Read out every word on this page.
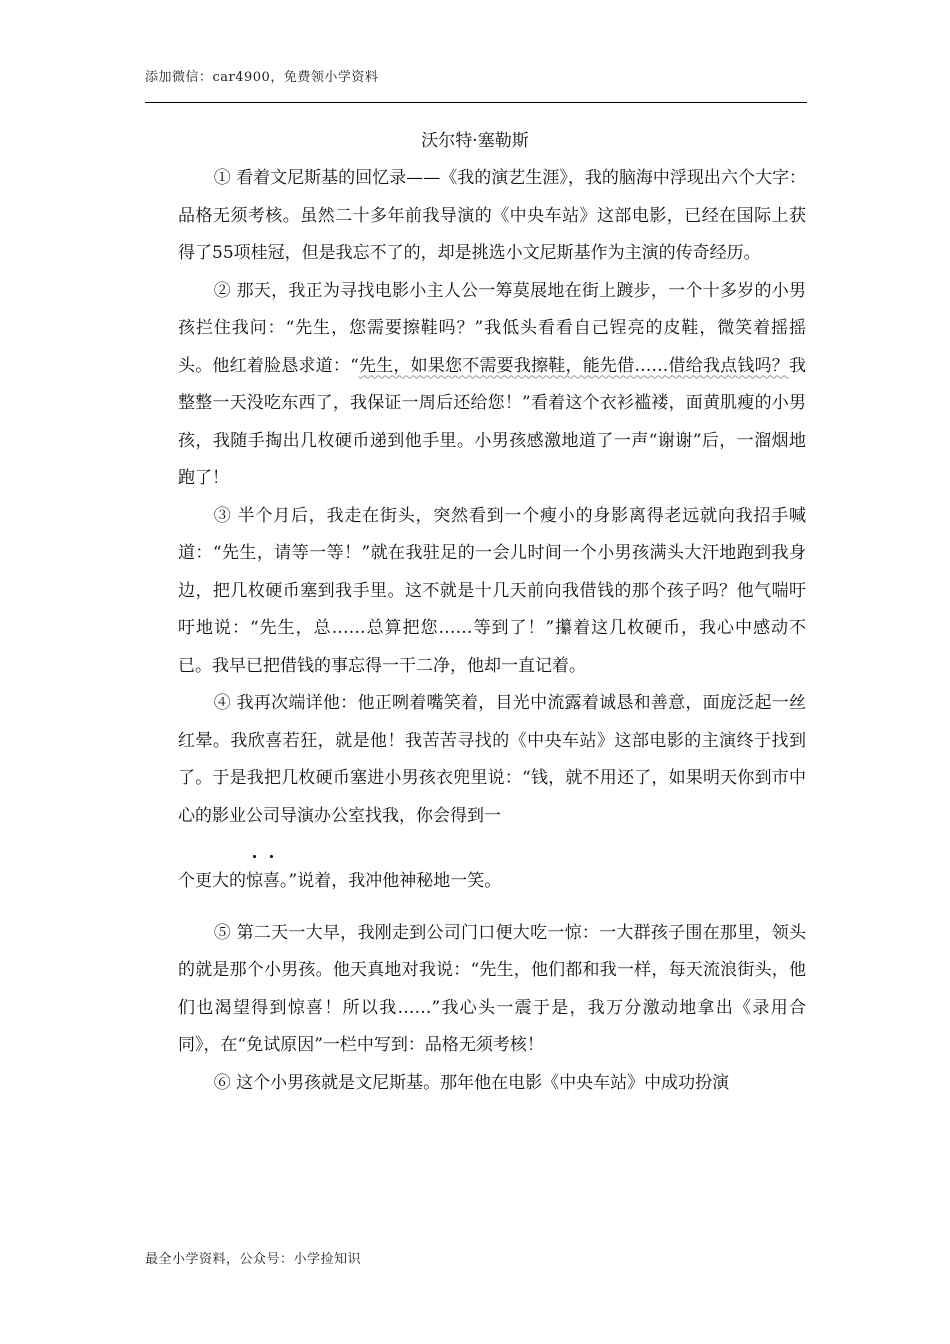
添加微信：car4900，免费领小学资料
沃尔特·塞勒斯

① 看着文尼斯基的回忆录——《我的演艺生涯》，我的脑海中浮现出六个大字：品格无须考核。虽然二十多年前我导演的《中央车站》这部电影，已经在国际上获得了55项桂冠，但是我忘不了的，却是挑选小文尼斯基作为主演的传奇经历。

② 那天，我正为寻找电影小主人公一筹莫展地在街上踱步，一个十多岁的小男孩拦住我问：“先生，您需要擦鞋吗？”我低头看看自己锃亮的皮鞋，微笑着摇摇头。他红着脸恳求道：“先生，如果您不需要我擦鞋，能先借……借给我点钱吗？我整整一天没吃东西了，我保证一周后还给您！”看着这个衣衫褴褛，面黄肌瘦的小男孩，我随手掏出几枚硬币递到他手里。小男孩感激地道了一声“谢谢”后，一溜烟地跑了！

③ 半个月后，我走在街头，突然看到一个瘦小的身影离得老远就向我招手喊道：“先生，请等一等！”就在我驻足的一会儿时间一个小男孩满头大汗地跑到我身边，把几枚硬币塞到我手里。这不就是十几天前向我借钱的那个孩子吗？他气喘吁吁地说：“先生，总……总算把您……等到了！”攥着这几枚硬币，我心中感动不已。我早已把借钱的事忘得一干二净，他却一直记着。

④ 我再次端详他：他正咧着嘴笑着，目光中流露着诚恳和善意，面庞泛起一丝红晕。我欣喜若狂，就是他！我苦苦寻找的《中央车站》这部电影的主演终于找到了。于是我把几枚硬币塞进小男孩衣兜里说：“钱，就不用还了，如果明天你到市中心的影业公司导演办公室找我，你会得到一
个更大的惊喜。”说着，我冲他神秘地一笑。

⑤ 第二天一大早，我刚走到公司门口便大吃一惊：一大群孩子围在那里，领头的就是那个小男孩。他天真地对我说：“先生，他们都和我一样，每天流浪街头，他们也渴望得到惊喜！所以我……”我心头一震于是，我万分激动地拿出《录用合同》，在“免试原因”一栏中写到：品格无须考核！

⑥ 这个小男孩就是文尼斯基。那年他在电影《中央车站》中成功扮演

最全小学资料，公众号：小学捡知识
